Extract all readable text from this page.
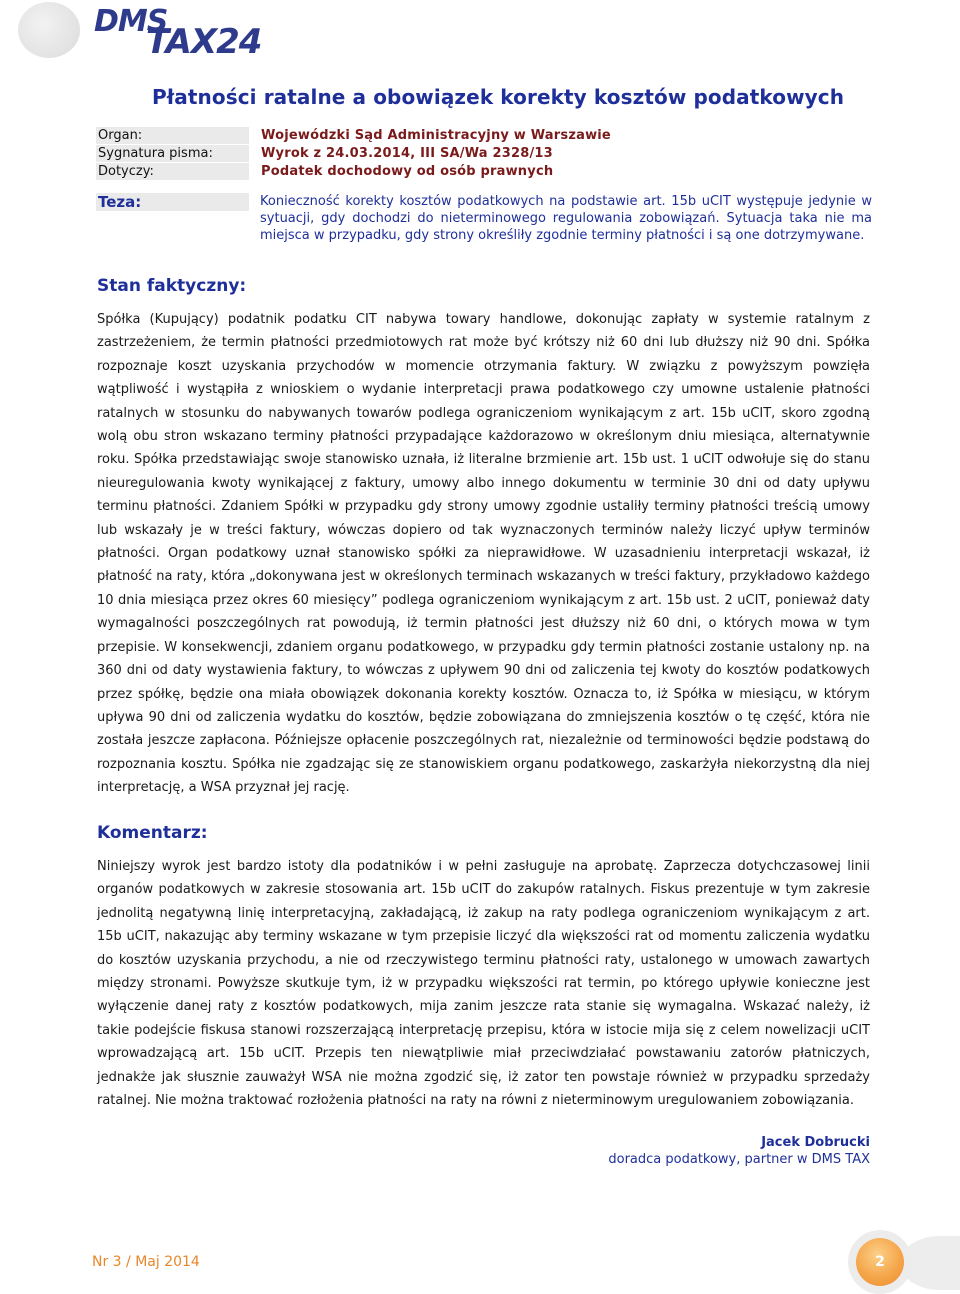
DMS
TAX24
Płatności ratalne a obowiązek korekty kosztów podatkowych
Organ:	Wojewódzki Sąd Administracyjny w Warszawie
Sygnatura pisma:	Wyrok z 24.03.2014, III SA/Wa 2328/13
Dotyczy:	Podatek dochodowy od osób prawnych
Teza:	Konieczność korekty kosztów podatkowych na podstawie art. 15b uCIT występuje jedynie w sytuacji, gdy dochodzi do nieterminowego regulowania zobowiązań. Sytuacja taka nie ma miejsca w przypadku, gdy strony określiły zgodnie terminy płatności i są one dotrzymywane.
Stan faktyczny:
Spółka (Kupujący) podatnik podatku CIT nabywa towary handlowe, dokonując zapłaty w systemie ratalnym z zastrzeżeniem, że termin płatności przedmiotowych rat może być krótszy niż 60 dni lub dłuższy niż 90 dni. Spółka rozpoznaje koszt uzyskania przychodów w momencie otrzymania faktury. W związku z powyższym powzięła wątpliwość i wystąpiła z wnioskiem o wydanie interpretacji prawa podatkowego czy umowne ustalenie płatności ratalnych w stosunku do nabywanych towarów podlega ograniczeniom wynikającym z art. 15b uCIT, skoro zgodną wolą obu stron wskazano terminy płatności przypadające każdorazowo w określonym dniu miesiąca, alternatywnie roku. Spółka przedstawiając swoje stanowisko uznała, iż literalne brzmienie art. 15b ust. 1 uCIT odwołuje się do stanu nieuregulowania kwoty wynikającej z faktury, umowy albo innego dokumentu w terminie 30 dni od daty upływu terminu płatności. Zdaniem Spółki w przypadku gdy strony umowy zgodnie ustaliły terminy płatności treścią umowy lub wskazały je w treści faktury, wówczas dopiero od tak wyznaczonych terminów należy liczyć upływ terminów płatności. Organ podatkowy uznał stanowisko spółki za nieprawidłowe. W uzasadnieniu interpretacji wskazał, iż płatność na raty, która „dokonywana jest w określonych terminach wskazanych w treści faktury, przykładowo każdego 10 dnia miesiąca przez okres 60 miesięcy” podlega ograniczeniom wynikającym z art. 15b ust. 2 uCIT, ponieważ daty wymagalności poszczególnych rat powodują, iż termin płatności jest dłuższy niż 60 dni, o których mowa w tym przepisie. W konsekwencji, zdaniem organu podatkowego, w przypadku gdy termin płatności zostanie ustalony np. na 360 dni od daty wystawienia faktury, to wówczas z upływem 90 dni od zaliczenia tej kwoty do kosztów podatkowych przez spółkę, będzie ona miała obowiązek dokonania korekty kosztów. Oznacza to, iż Spółka w miesiącu, w którym upływa 90 dni od zaliczenia wydatku do kosztów, będzie zobowiązana do zmniejszenia kosztów o tę część, która nie została jeszcze zapłacona. Późniejsze opłacenie poszczególnych rat, niezależnie od terminowości będzie podstawą do rozpoznania kosztu. Spółka nie zgadzając się ze stanowiskiem organu podatkowego, zaskarżyła niekorzystną dla niej interpretację, a WSA przyznał jej rację.
Komentarz:
Niniejszy wyrok jest bardzo istoty dla podatników i w pełni zasługuje na aprobatę. Zaprzecza dotychczasowej linii organów podatkowych w zakresie stosowania art. 15b uCIT do zakupów ratalnych. Fiskus prezentuje w tym zakresie jednolitą negatywną linię interpretacyjną, zakładającą, iż zakup na raty podlega ograniczeniom wynikającym z art. 15b uCIT, nakazując aby terminy wskazane w tym przepisie liczyć dla większości rat od momentu zaliczenia wydatku do kosztów uzyskania przychodu, a nie od rzeczywistego terminu płatności raty, ustalonego w umowach zawartych między stronami. Powyższe skutkuje tym, iż w przypadku większości rat termin, po którego upływie konieczne jest wyłączenie danej raty z kosztów podatkowych, mija zanim jeszcze rata stanie się wymagalna. Wskazać należy, iż takie podejście fiskusa stanowi rozszerzającą interpretację przepisu, która w istocie mija się z celem nowelizacji uCIT wprowadzającą art. 15b uCIT. Przepis ten niewątpliwie miał przeciwdziałać powstawaniu zatorów płatniczych, jednakże jak słusznie zauważył WSA nie można zgodzić się, iż zator ten powstaje również w przypadku sprzedaży ratalnej. Nie można traktować rozłożenia płatności na raty na równi z nieterminowym uregulowaniem zobowiązania.
Jacek Dobrucki
doradca podatkowy, partner w DMS TAX
Nr 3 / Maj 2014	2
